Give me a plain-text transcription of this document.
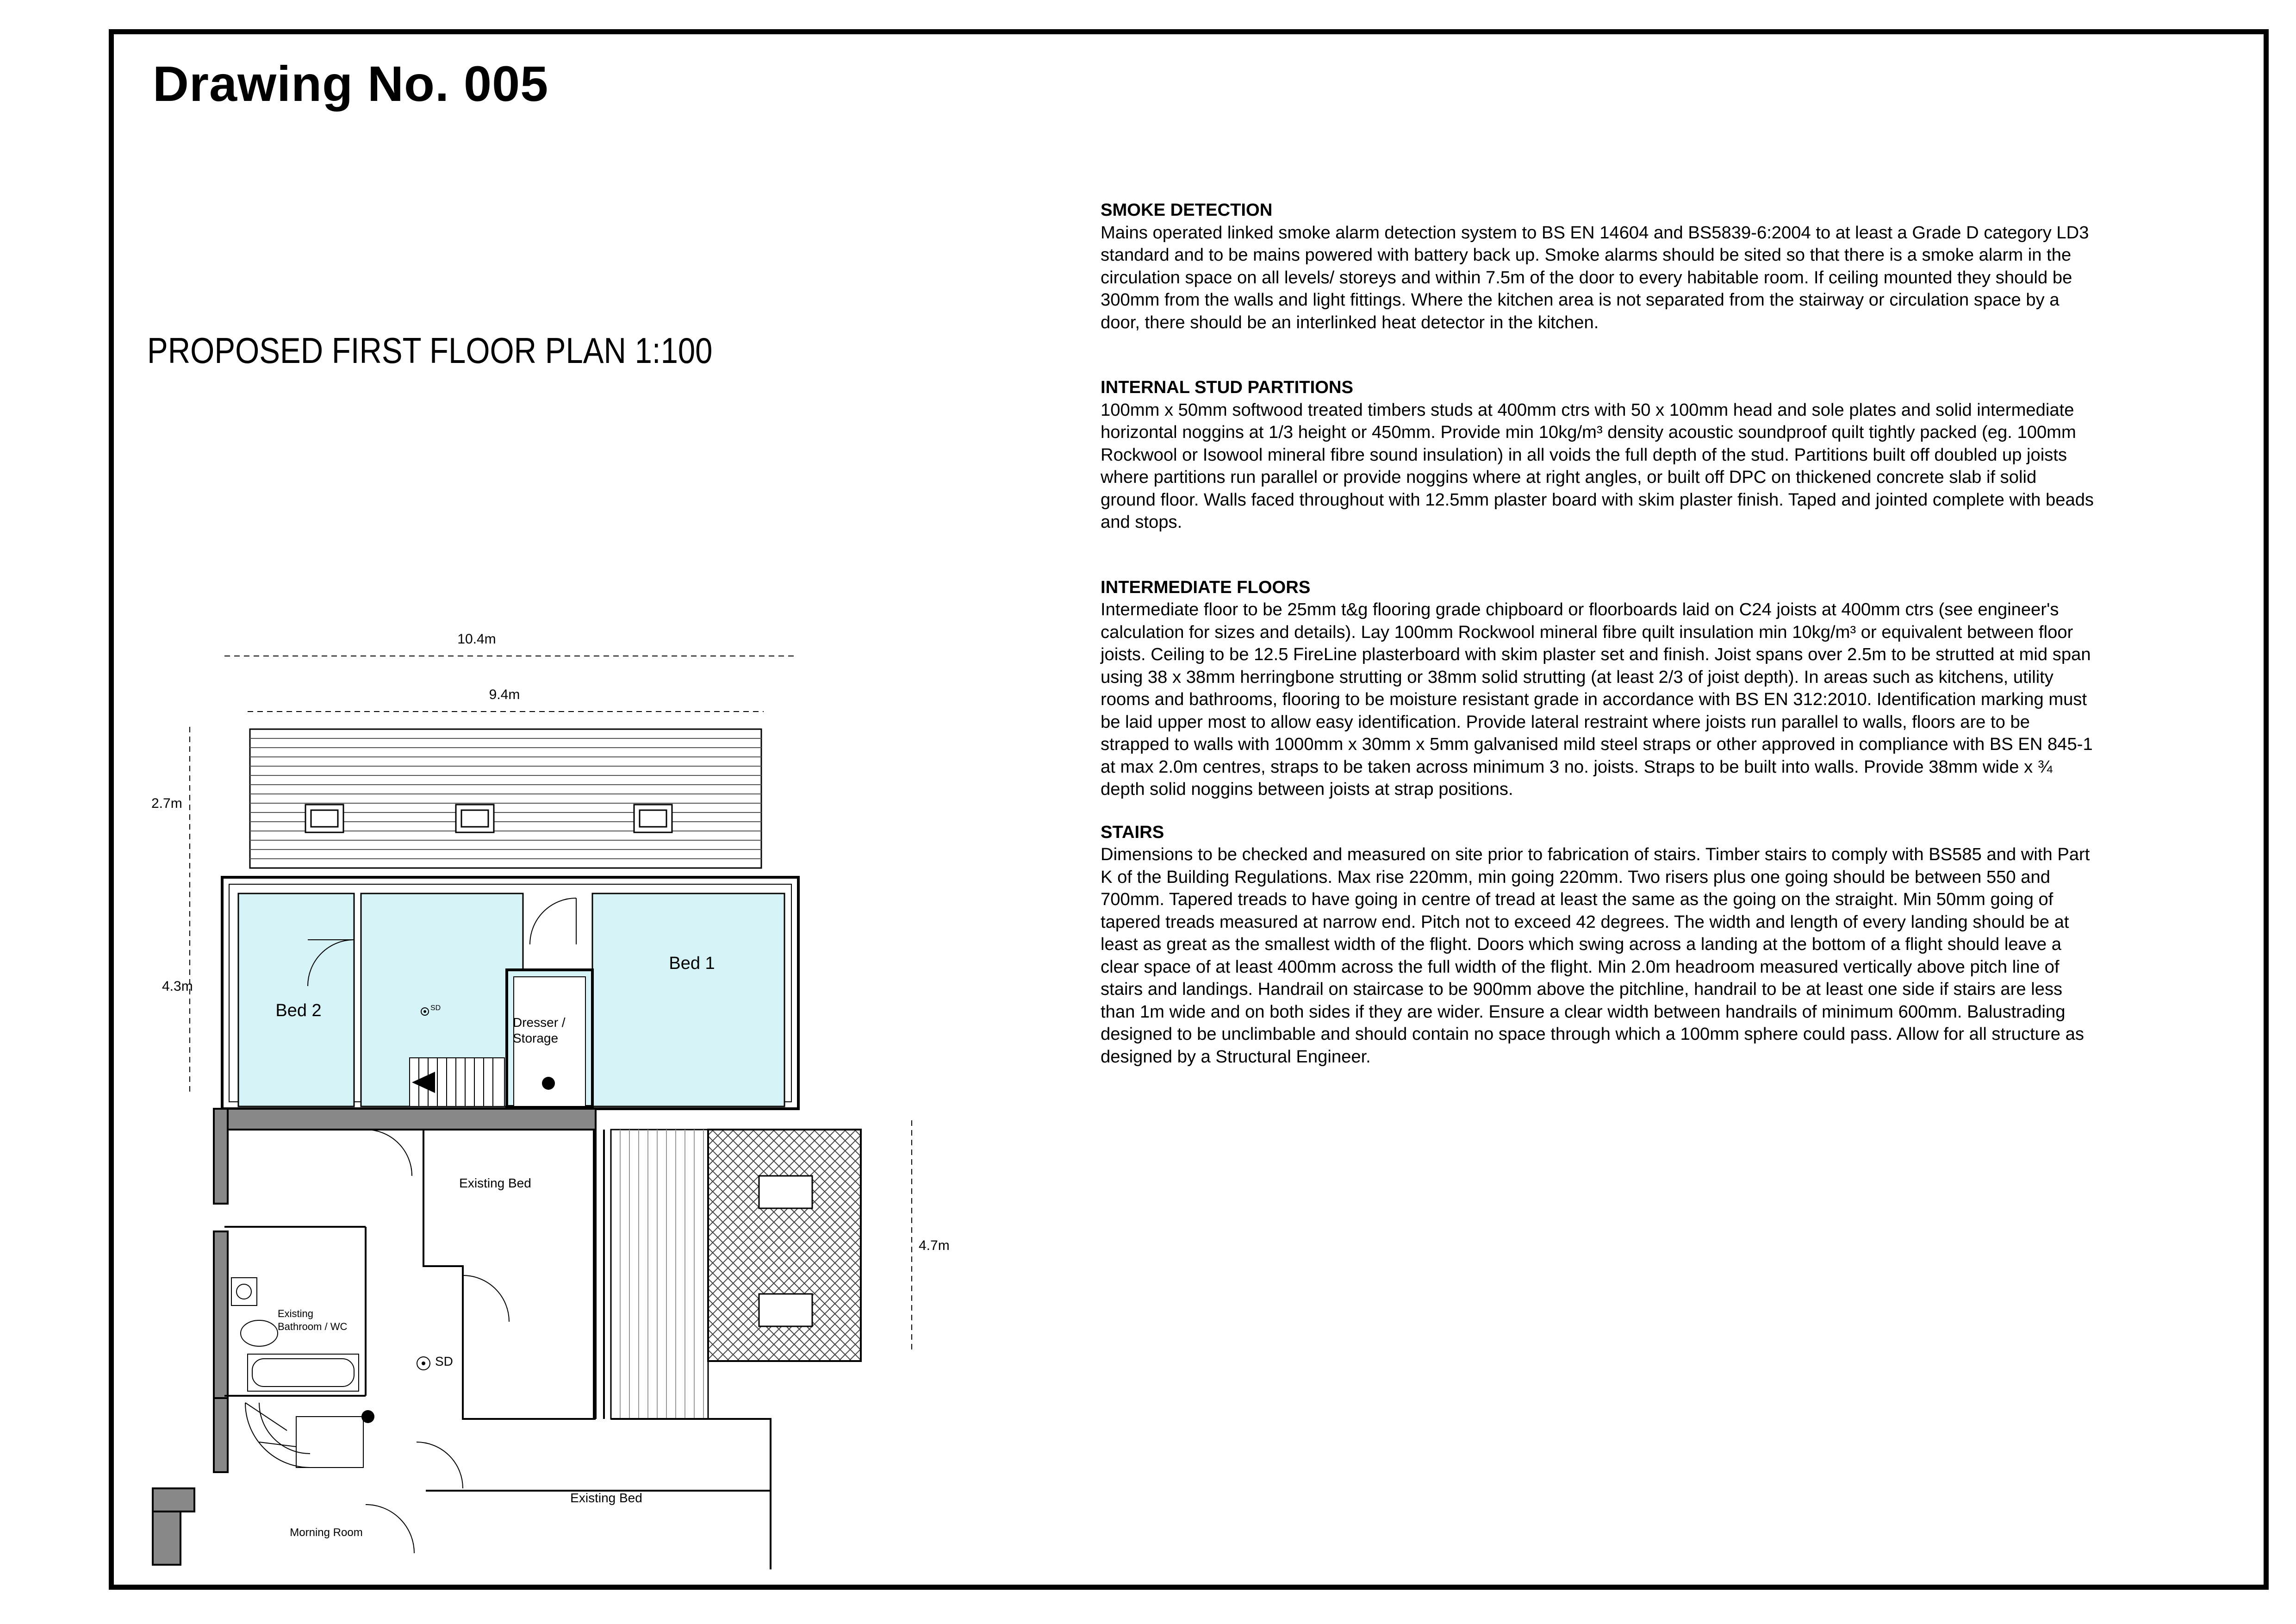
Drawing No. 005
PROPOSED FIRST FLOOR PLAN 1:100
SMOKE DETECTION
Mains operated linked smoke alarm detection system to BS EN 14604 and BS5839-6:2004 to at least a Grade D category LD3 standard and to be mains powered with battery back up. Smoke alarms should be sited so that there is a smoke alarm in the circulation space on all levels/ storeys and within 7.5m of the door to every habitable room. If ceiling mounted they should be 300mm from the walls and light fittings. Where the kitchen area is not separated from the stairway or circulation space by a door, there should be an interlinked heat detector in the kitchen.
INTERNAL STUD PARTITIONS
100mm x 50mm softwood treated timbers studs at 400mm ctrs with 50 x 100mm head and sole plates and solid intermediate horizontal noggins at 1/3 height or 450mm. Provide min 10kg/m³ density acoustic soundproof quilt tightly packed (eg. 100mm Rockwool or Isowool mineral fibre sound insulation) in all voids the full depth of the stud. Partitions built off doubled up joists where partitions run parallel or provide noggins where at right angles, or built off DPC on thickened concrete slab if solid ground floor. Walls faced throughout with 12.5mm plaster board with skim plaster finish. Taped and jointed complete with beads and stops.
INTERMEDIATE FLOORS
Intermediate floor to be 25mm t&g flooring grade chipboard or floorboards laid on C24 joists at 400mm ctrs (see engineer's calculation for sizes and details). Lay 100mm Rockwool mineral fibre quilt insulation min 10kg/m³ or equivalent between floor joists. Ceiling to be 12.5 FireLine plasterboard with skim plaster set and finish. Joist spans over 2.5m to be strutted at mid span using 38 x 38mm herringbone strutting or 38mm solid strutting (at least 2/3 of joist depth). In areas such as kitchens, utility rooms and bathrooms, flooring to be moisture resistant grade in accordance with BS EN 312:2010. Identification marking must be laid upper most to allow easy identification. Provide lateral restraint where joists run parallel to walls, floors are to be strapped to walls with 1000mm x 30mm x 5mm galvanised mild steel straps or other approved in compliance with BS EN 845-1 at max 2.0m centres, straps to be taken across minimum 3 no. joists. Straps to be built into walls. Provide 38mm wide x ¾ depth solid noggins between joists at strap positions.
STAIRS
Dimensions to be checked and measured on site prior to fabrication of stairs. Timber stairs to comply with BS585 and with Part K of the Building Regulations. Max rise 220mm, min going 220mm. Two risers plus one going should be between 550 and 700mm. Tapered treads to have going in centre of tread at least the same as the going on the straight. Min 50mm going of tapered treads measured at narrow end. Pitch not to exceed 42 degrees. The width and length of every landing should be at least as great as the smallest width of the flight. Doors which swing across a landing at the bottom of a flight should leave a clear space of at least 400mm across the full width of the flight. Min 2.0m headroom measured vertically above pitch line of stairs and landings. Handrail on staircase to be 900mm above the pitchline, handrail to be at least one side if stairs are less than 1m wide and on both sides if they are wider. Ensure a clear width between handrails of minimum 600mm. Balustrading designed to be unclimbable and should contain no space through which a 100mm sphere could pass. Allow for all structure as designed by a Structural Engineer.
10.4m
9.4m
2.7m
4.3m
4.7m
Bed 1
Bed 2
Dresser /
Storage
SD
Existing Bed
Existing Bed
Existing
Bathroom / WC
Morning Room
SD
